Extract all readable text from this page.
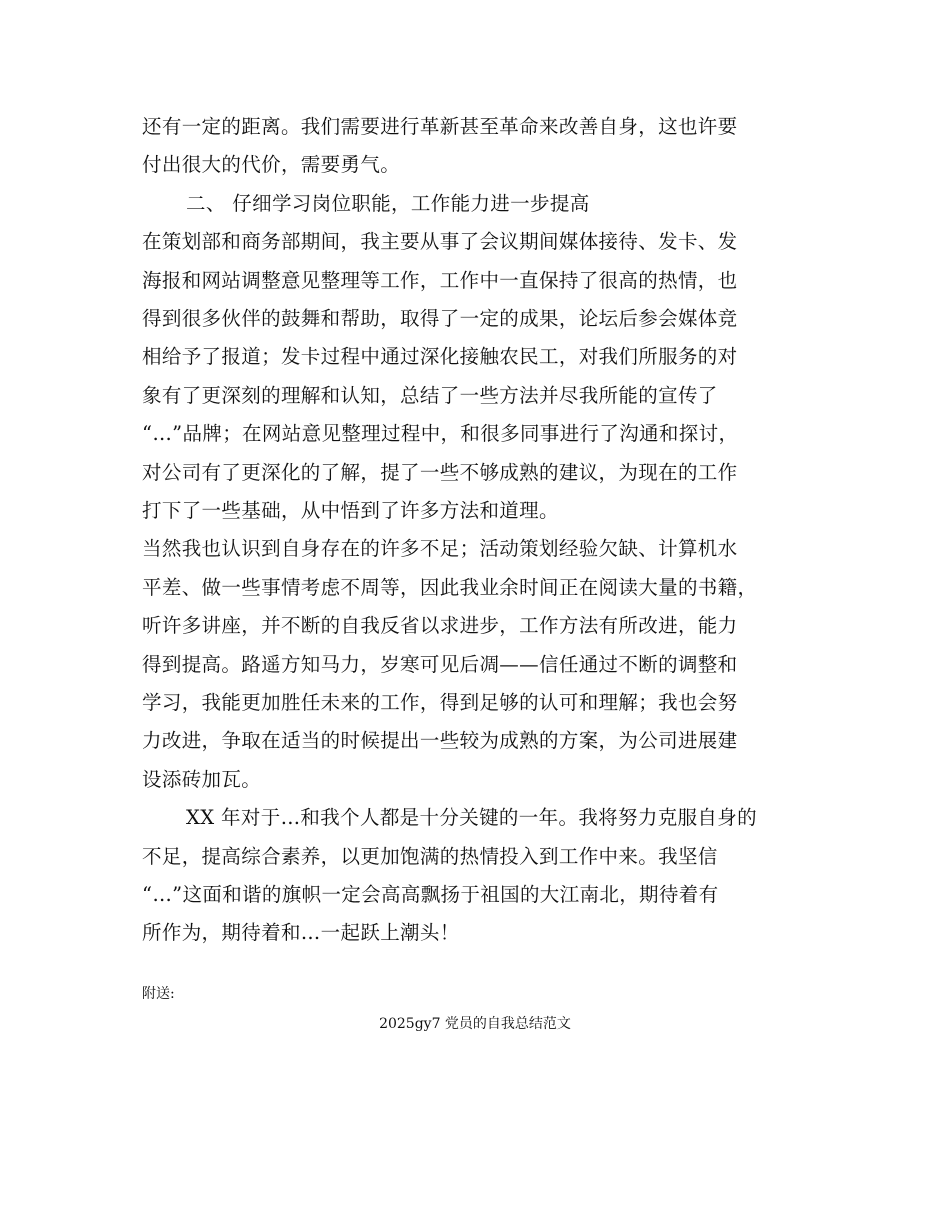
还有一定的距离。我们需要进行革新甚至革命来改善自身，这也许要
付出很大的代价，需要勇气。
二、 仔细学习岗位职能，工作能力进一步提高
在策划部和商务部期间，我主要从事了会议期间媒体接待、发卡、发
海报和网站调整意见整理等工作，工作中一直保持了很高的热情，也
得到很多伙伴的鼓舞和帮助，取得了一定的成果，论坛后参会媒体竞
相给予了报道；发卡过程中通过深化接触农民工，对我们所服务的对
象有了更深刻的理解和认知，总结了一些方法并尽我所能的宣传了
“…”品牌；在网站意见整理过程中，和很多同事进行了沟通和探讨，
对公司有了更深化的了解，提了一些不够成熟的建议，为现在的工作
打下了一些基础，从中悟到了许多方法和道理。
当然我也认识到自身存在的许多不足；活动策划经验欠缺、计算机水
平差、做一些事情考虑不周等，因此我业余时间正在阅读大量的书籍，
听许多讲座，并不断的自我反省以求进步，工作方法有所改进，能力
得到提高。路遥方知马力，岁寒可见后凋——信任通过不断的调整和
学习，我能更加胜任未来的工作，得到足够的认可和理解；我也会努
力改进，争取在适当的时候提出一些较为成熟的方案，为公司进展建
设添砖加瓦。
XX 年对于…和我个人都是十分关键的一年。我将努力克服自身的
不足，提高综合素养，以更加饱满的热情投入到工作中来。我坚信
“…”这面和谐的旗帜一定会高高飘扬于祖国的大江南北，期待着有
所作为，期待着和…一起跃上潮头！
附送:
2025gy7 党员的自我总结范文
